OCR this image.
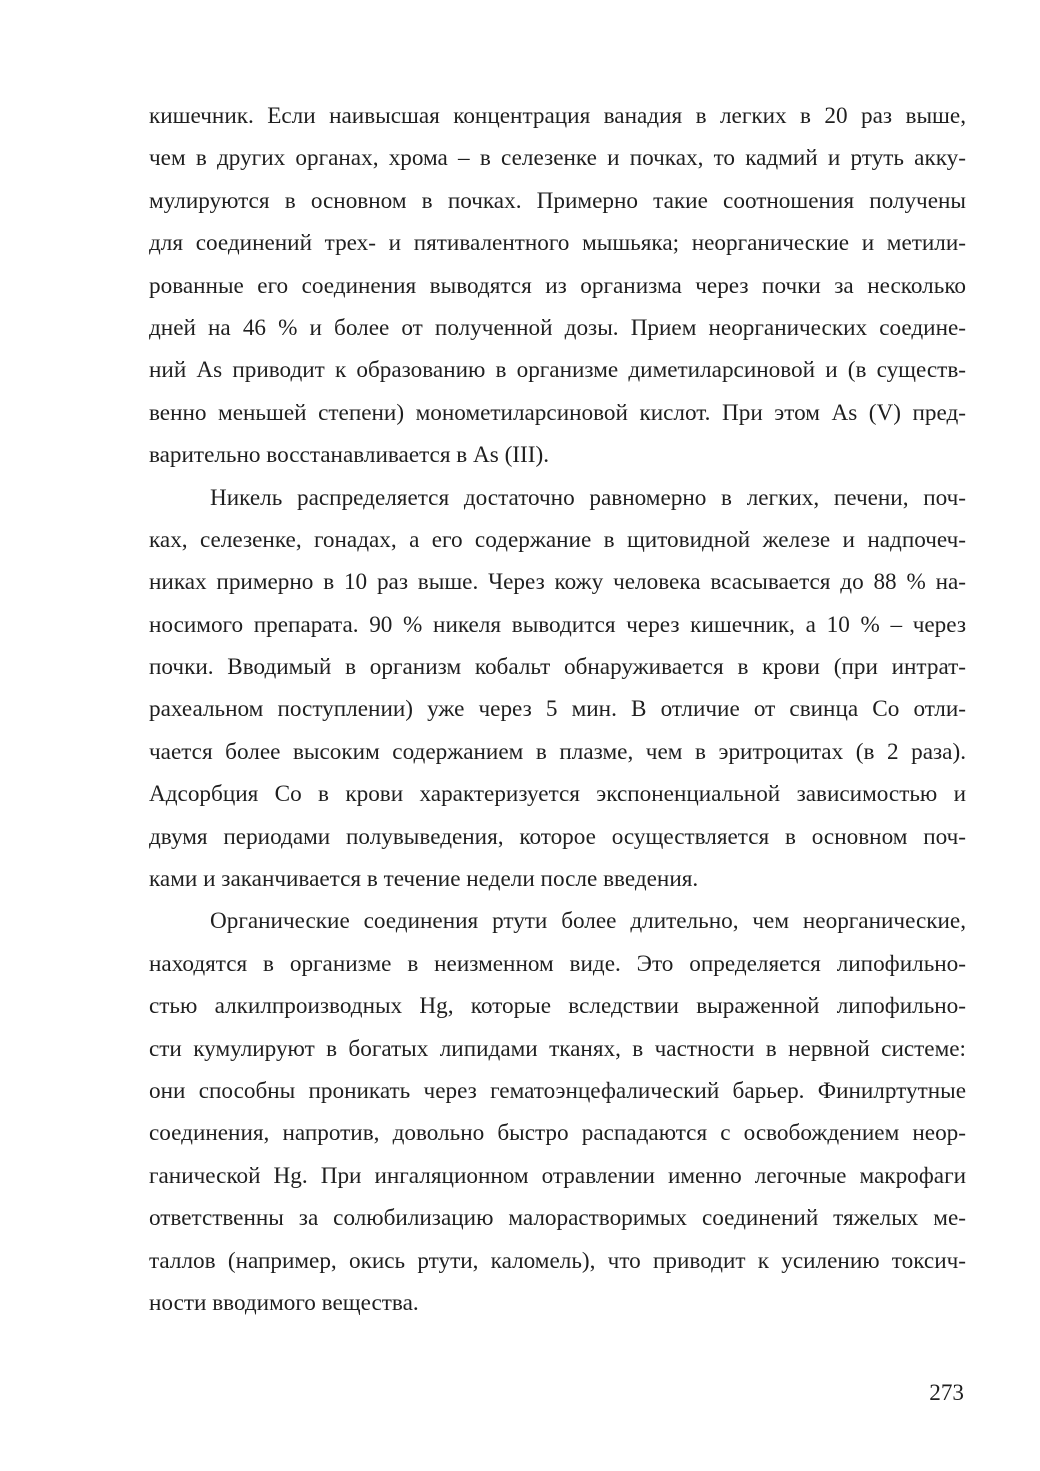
кишечник. Если наивысшая концентрация ванадия в легких в 20 раз выше,
чем в других органах, хрома – в селезенке и почках, то кадмий и ртуть акку-
мулируются в основном в почках. Примерно такие соотношения получены
для соединений трех- и пятивалентного мышьяка; неорганические и метили-
рованные его соединения выводятся из организма через почки за несколько
дней на 46 % и более от полученной дозы. Прием неорганических соедине-
ний As приводит к образованию в организме диметиларсиновой и (в существ-
венно меньшей степени) монометиларсиновой кислот. При этом As (V) пред-
варительно восстанавливается в As (III).

Никель распределяется достаточно равномерно в легких, печени, поч-
ках, селезенке, гонадах, а его содержание в щитовидной железе и надпочеч-
никах примерно в 10 раз выше. Через кожу человека всасывается до 88 % на-
носимого препарата. 90 % никеля выводится через кишечник, а 10 % – через
почки. Вводимый в организм кобальт обнаруживается в крови (при интрат-
рахеальном поступлении) уже через 5 мин. В отличие от свинца Co отли-
чается более высоким содержанием в плазме, чем в эритроцитах (в 2 раза).
Адсорбция Co в крови характеризуется экспоненциальной зависимостью и
двумя периодами полувыведения, которое осуществляется в основном поч-
ками и заканчивается в течение недели после введения.

Органические соединения ртути более длительно, чем неорганические,
находятся в организме в неизменном виде. Это определяется липофильно-
стью алкилпроизводных Hg, которые вследствии выраженной липофильно-
сти кумулируют в богатых липидами тканях, в частности в нервной системе:
они способны проникать через гематоэнцефалический барьер. Финилртутные
соединения, напротив, довольно быстро распадаются с освобождением неор-
ганической Hg. При ингаляционном отравлении именно легочные макрофаги
ответственны за солюбилизацию малорастворимых соединений тяжелых ме-
таллов (например, окись ртути, каломель), что приводит к усилению токсич-
ности вводимого вещества.

273
